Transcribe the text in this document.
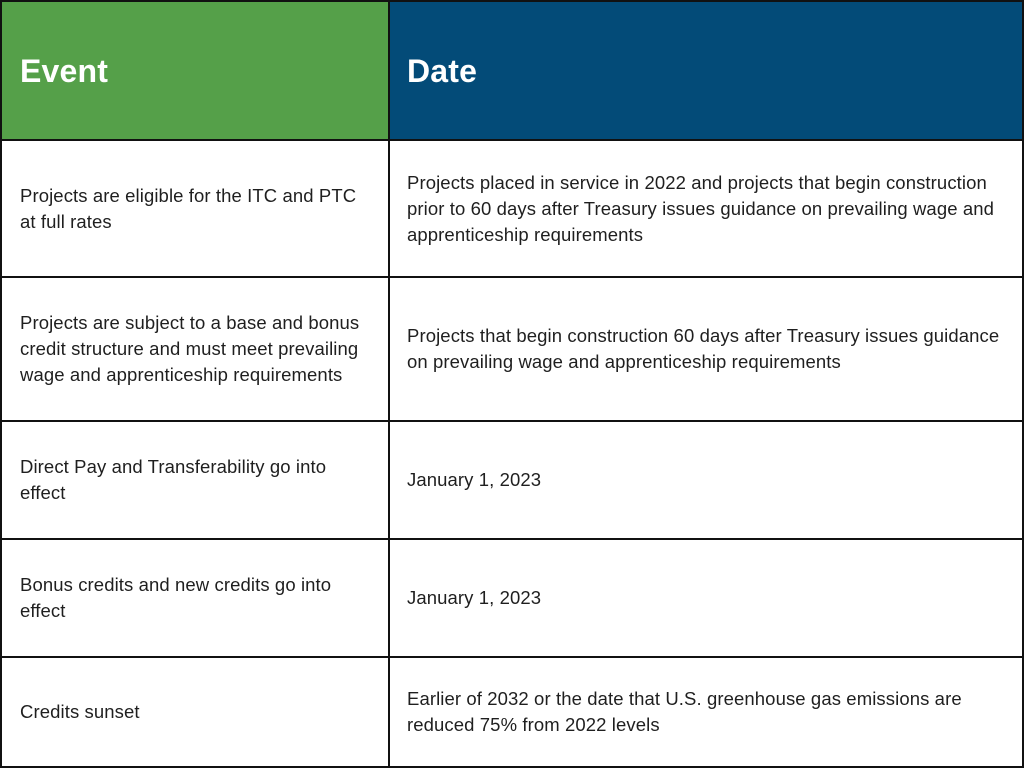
Event	Date
Projects are eligible for the ITC and PTC at full rates
Projects placed in service in 2022 and projects that begin construction prior to 60 days after Treasury issues guidance on prevailing wage and apprenticeship requirements
Projects are subject to a base and bonus credit structure and must meet prevailing wage and apprenticeship requirements
Projects that begin construction 60 days after Treasury issues guidance on prevailing wage and apprenticeship requirements
Direct Pay and Transferability go into effect
January 1, 2023
Bonus credits and new credits go into effect
January 1, 2023
Credits sunset
Earlier of 2032 or the date that U.S. greenhouse gas emissions are reduced 75% from 2022 levels
